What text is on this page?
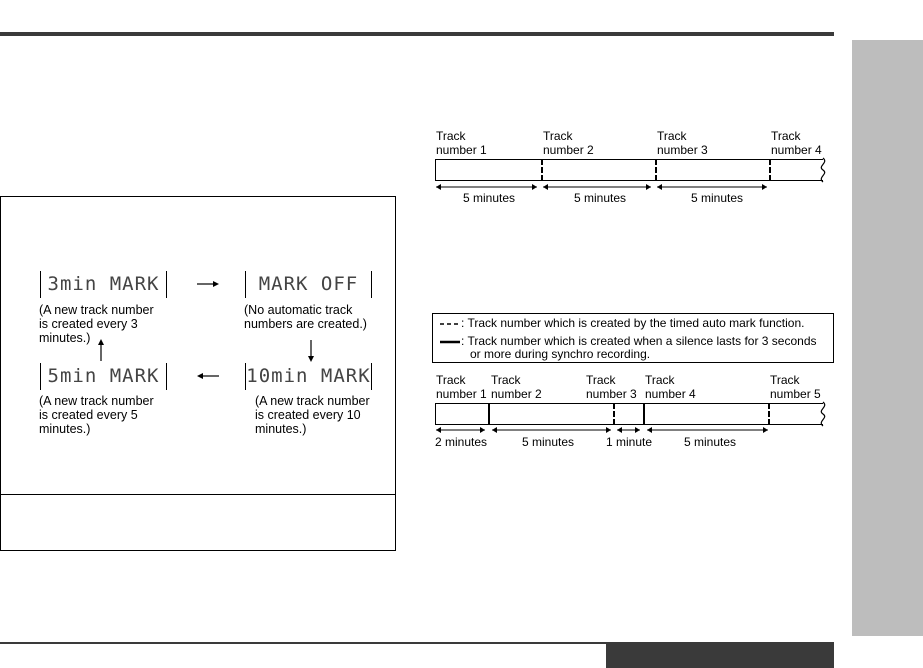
3min MARK	MARK OFF
5min MARK	10min MARK
(A new track number
is created every 3
minutes.)
(No automatic track
numbers are created.)
(A new track number
is created every 5
minutes.)
(A new track number
is created every 10
minutes.)
Track
number 1
Track
number 2
Track
number 3
Track
number 4
5 minutes	5 minutes	5 minutes
: Track number which is created by the timed auto mark function.
: Track number which is created when a silence lasts for 3 seconds
or more during synchro recording.
Track
number 1
Track
number 2
Track
number 3
Track
number 4
Track
number 5
2 minutes	5 minutes	1 minute	5 minutes
